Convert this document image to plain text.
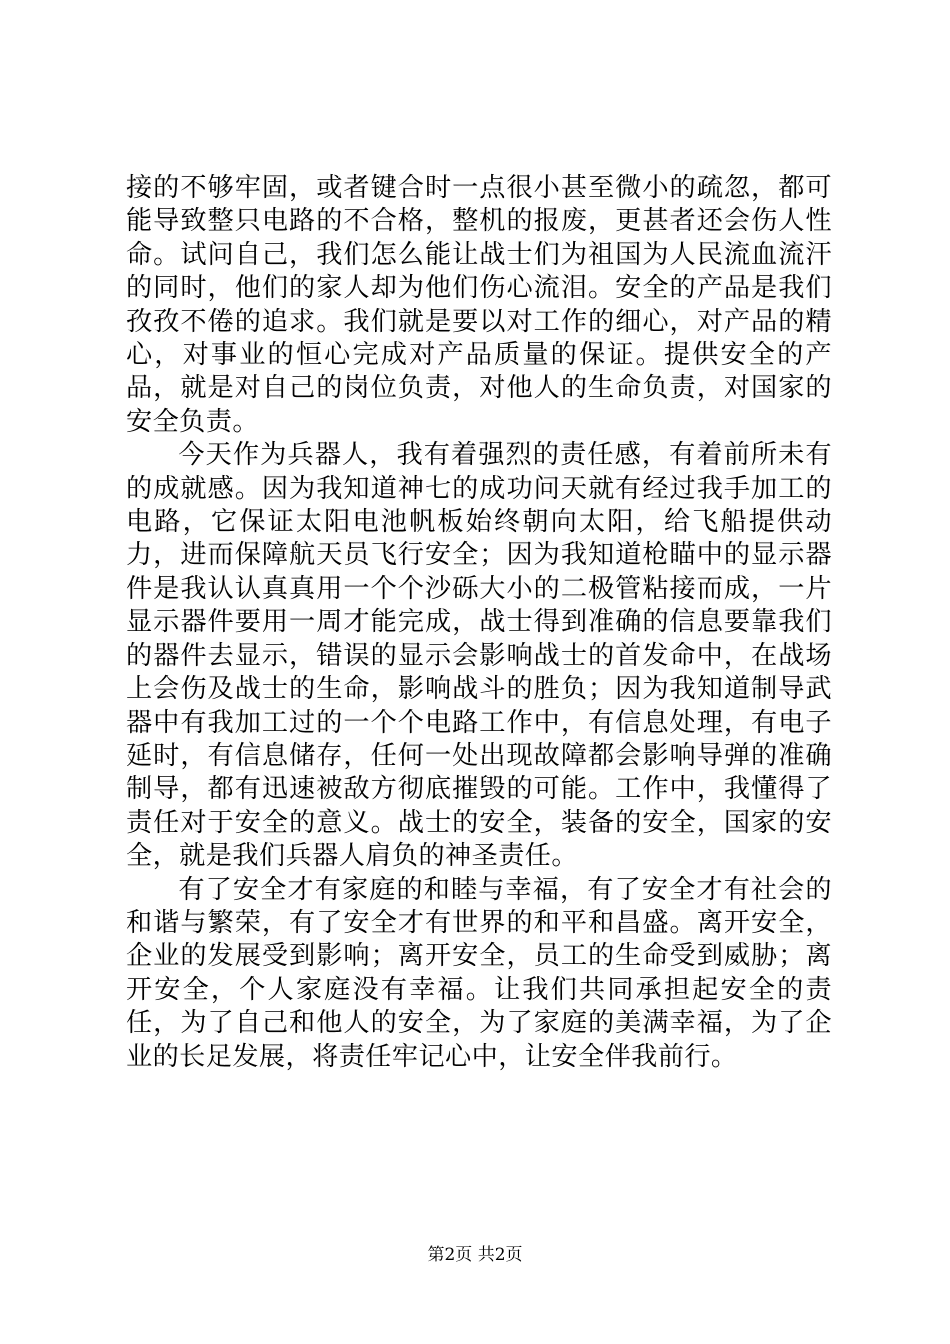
接的不够牢固，或者键合时一点很小甚至微小的疏忽，都可能导致整只电路的不合格，整机的报废，更甚者还会伤人性命。试问自己，我们怎么能让战士们为祖国为人民流血流汗的同时，他们的家人却为他们伤心流泪。安全的产品是我们孜孜不倦的追求。我们就是要以对工作的细心，对产品的精心，对事业的恒心完成对产品质量的保证。提供安全的产品，就是对自己的岗位负责，对他人的生命负责，对国家的安全负责。

今天作为兵器人，我有着强烈的责任感，有着前所未有的成就感。因为我知道神七的成功问天就有经过我手加工的电路，它保证太阳电池帆板始终朝向太阳，给飞船提供动力，进而保障航天员飞行安全；因为我知道枪瞄中的显示器件是我认认真真用一个个沙砾大小的二极管粘接而成，一片显示器件要用一周才能完成，战士得到准确的信息要靠我们的器件去显示，错误的显示会影响战士的首发命中，在战场上会伤及战士的生命，影响战斗的胜负；因为我知道制导武器中有我加工过的一个个电路工作中，有信息处理，有电子延时，有信息储存，任何一处出现故障都会影响导弹的准确制导，都有迅速被敌方彻底摧毁的可能。工作中，我懂得了责任对于安全的意义。战士的安全，装备的安全，国家的安全，就是我们兵器人肩负的神圣责任。

有了安全才有家庭的和睦与幸福，有了安全才有社会的和谐与繁荣，有了安全才有世界的和平和昌盛。离开安全，企业的发展受到影响；离开安全，员工的生命受到威胁；离开安全，个人家庭没有幸福。让我们共同承担起安全的责任，为了自己和他人的安全，为了家庭的美满幸福，为了企业的长足发展，将责任牢记心中，让安全伴我前行。

第2页 共2页
